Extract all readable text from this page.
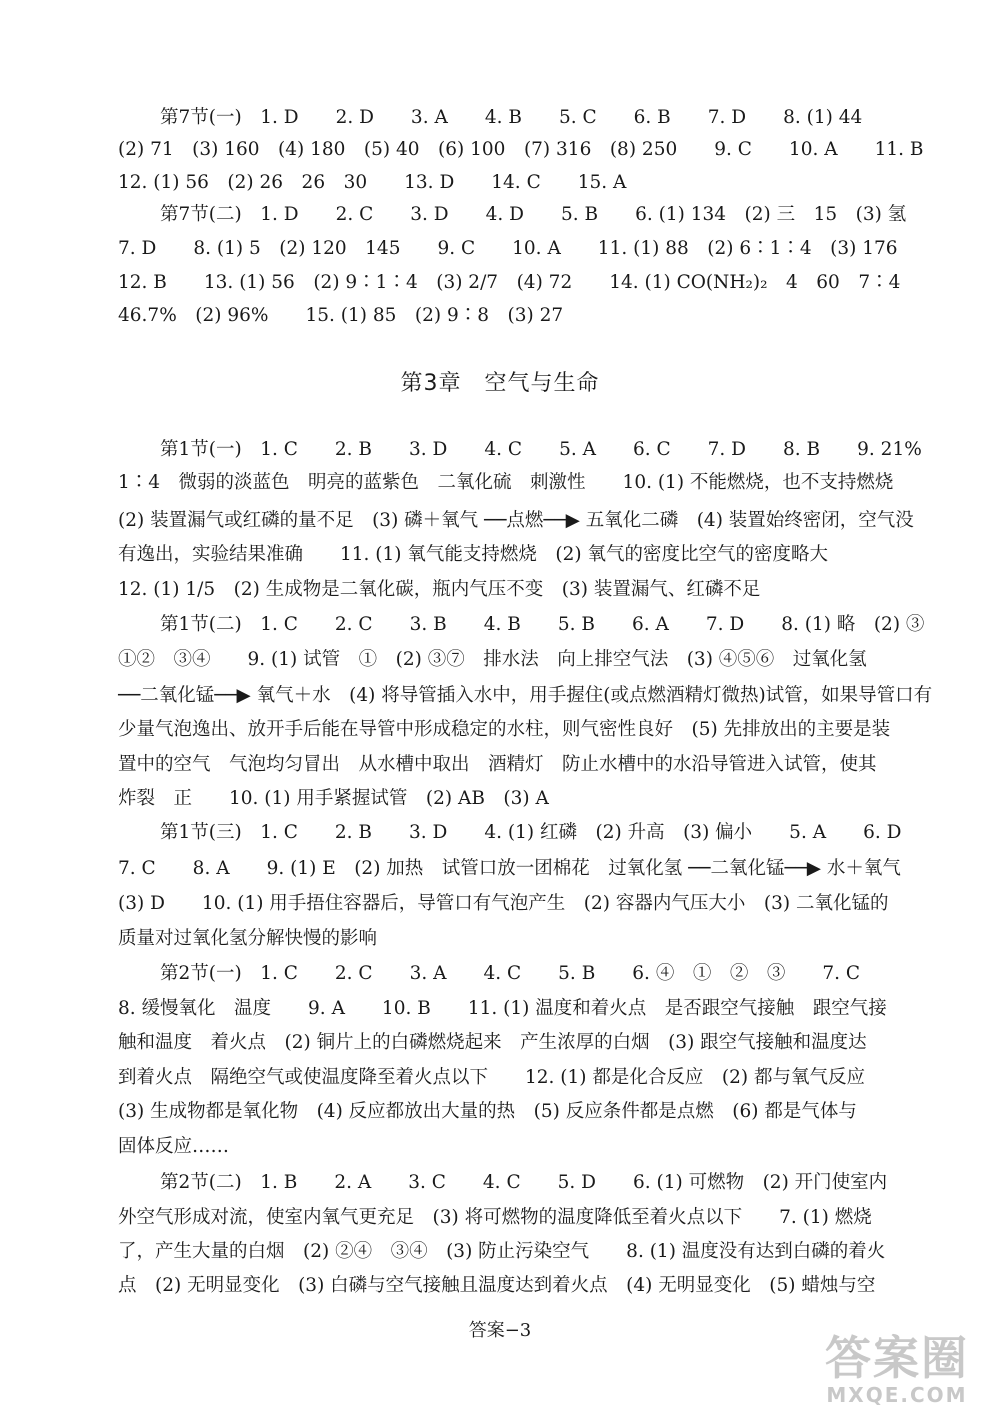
第7节(一)　1. D　　2. D　　3. A　　4. B　　5. C　　6. B　　7. D　　8. (1) 44
(2) 71　(3) 160　(4) 180　(5) 40　(6) 100　(7) 316　(8) 250　　9. C　　10. A　　11. B
12. (1) 56　(2) 26　26　30　　13. D　　14. C　　15. A
第7节(二)　1. D　　2. C　　3. D　　4. D　　5. B　　6. (1) 134　(2) 三　15　(3) 氢
7. D　　8. (1) 5　(2) 120　145　　9. C　　10. A　　11. (1) 88　(2) 6∶1∶4　(3) 176
12. B　　13. (1) 56　(2) 9∶1∶4　(3) 2/7　(4) 72　　14. (1) CO(NH₂)₂　4　60　7∶4
46.7%　(2) 96%　　15. (1) 85　(2) 9∶8　(3) 27
第3章　空气与生命
第1节(一)　1. C　　2. B　　3. D　　4. C　　5. A　　6. C　　7. D　　8. B　　9. 21%
1∶4　微弱的淡蓝色　明亮的蓝紫色　二氧化硫　刺激性　　10. (1) 不能燃烧，也不支持燃烧
(2) 装置漏气或红磷的量不足　(3) 磷＋氧气 ──点燃──▶ 五氧化二磷　(4) 装置始终密闭，空气没
有逸出，实验结果准确　　11. (1) 氧气能支持燃烧　(2) 氧气的密度比空气的密度略大
12. (1) 1/5　(2) 生成物是二氧化碳，瓶内气压不变　(3) 装置漏气、红磷不足
第1节(二)　1. C　　2. C　　3. B　　4. B　　5. B　　6. A　　7. D　　8. (1) 略　(2) ③
①②　③④　　9. (1) 试管　①　(2) ③⑦　排水法　向上排空气法　(3) ④⑤⑥　过氧化氢
──二氧化锰──▶ 氧气＋水　(4) 将导管插入水中，用手握住(或点燃酒精灯微热)试管，如果导管口有
少量气泡逸出、放开手后能在导管中形成稳定的水柱，则气密性良好　(5) 先排放出的主要是装
置中的空气　气泡均匀冒出　从水槽中取出　酒精灯　防止水槽中的水沿导管进入试管，使其
炸裂　正　　10. (1) 用手紧握试管　(2) AB　(3) A
第1节(三)　1. C　　2. B　　3. D　　4. (1) 红磷　(2) 升高　(3) 偏小　　5. A　　6. D
7. C　　8. A　　9. (1) E　(2) 加热　试管口放一团棉花　过氧化氢 ──二氧化锰──▶ 水＋氧气
(3) D　　10. (1) 用手捂住容器后，导管口有气泡产生　(2) 容器内气压大小　(3) 二氧化锰的
质量对过氧化氢分解快慢的影响
第2节(一)　1. C　　2. C　　3. A　　4. C　　5. B　　6. ④　①　②　③　　7. C
8. 缓慢氧化　温度　　9. A　　10. B　　11. (1) 温度和着火点　是否跟空气接触　跟空气接
触和温度　着火点　(2) 铜片上的白磷燃烧起来　产生浓厚的白烟　(3) 跟空气接触和温度达
到着火点　隔绝空气或使温度降至着火点以下　　12. (1) 都是化合反应　(2) 都与氧气反应
(3) 生成物都是氧化物　(4) 反应都放出大量的热　(5) 反应条件都是点燃　(6) 都是气体与
固体反应……
第2节(二)　1. B　　2. A　　3. C　　4. C　　5. D　　6. (1) 可燃物　(2) 开门使室内
外空气形成对流，使室内氧气更充足　(3) 将可燃物的温度降低至着火点以下　　7. (1) 燃烧
了，产生大量的白烟　(2) ②④　③④　(3) 防止污染空气　　8. (1) 温度没有达到白磷的着火
点　(2) 无明显变化　(3) 白磷与空气接触且温度达到着火点　(4) 无明显变化　(5) 蜡烛与空
答案−3
答案圈
MXQE.COM
